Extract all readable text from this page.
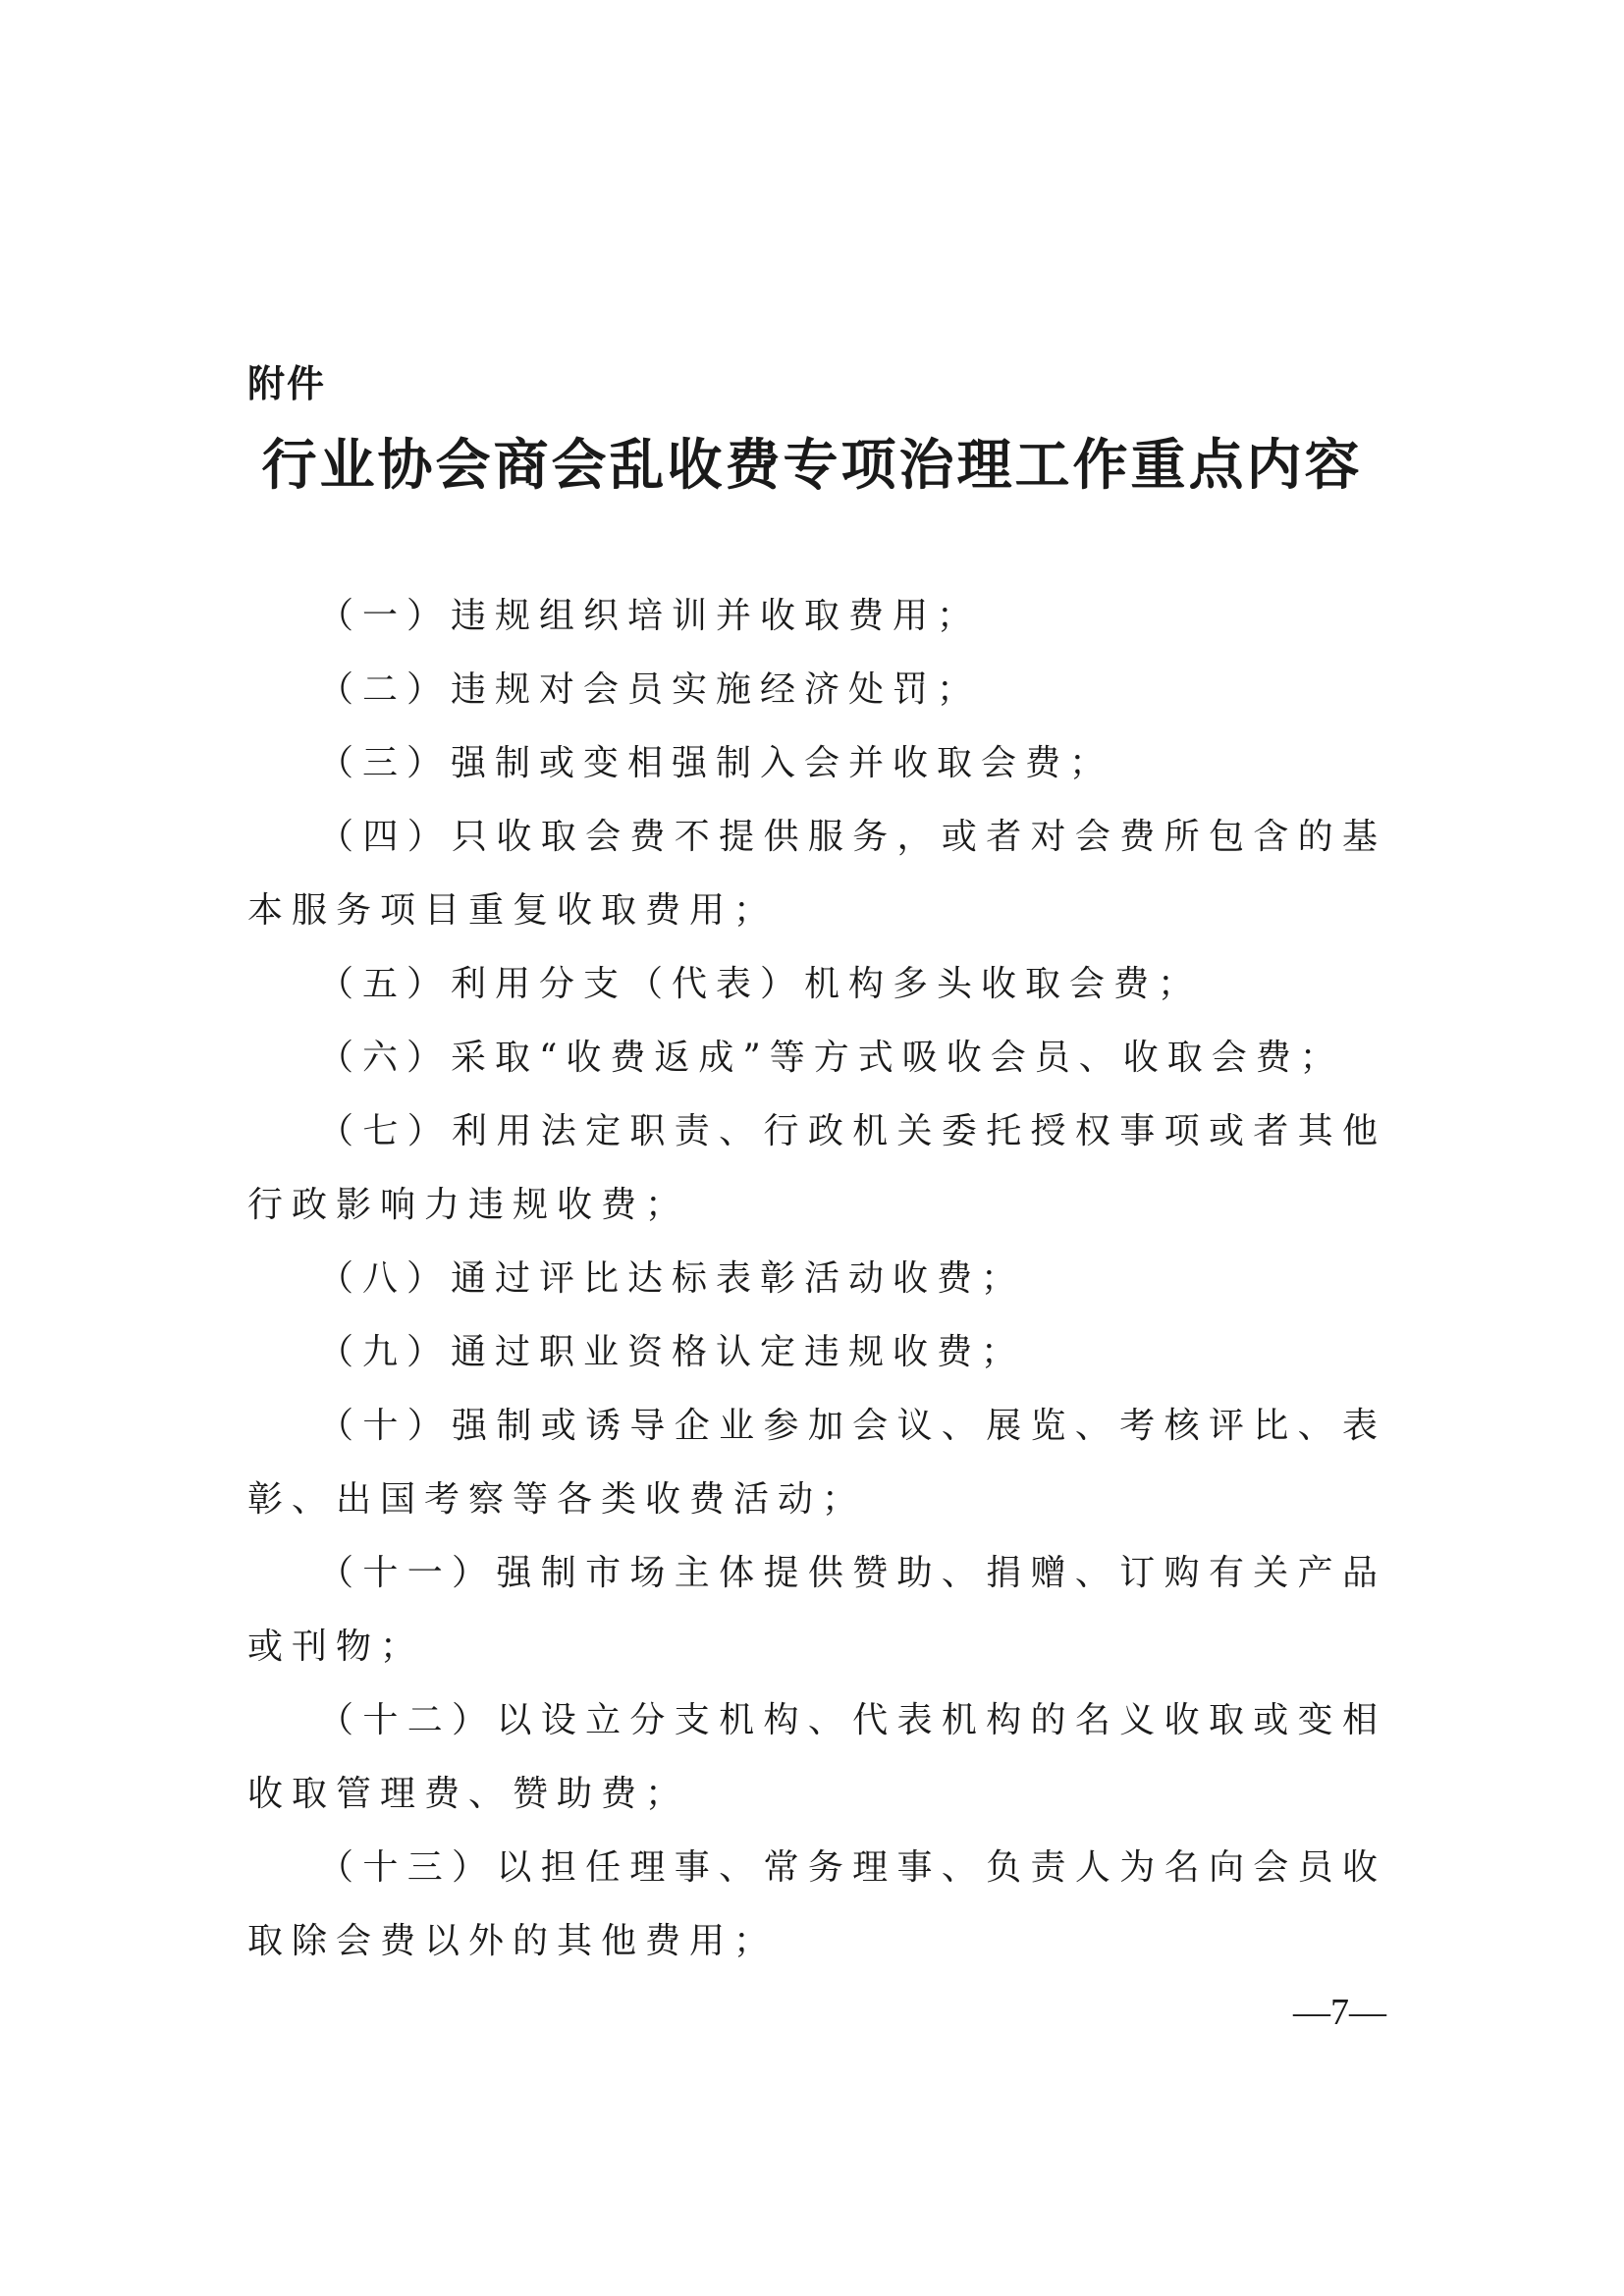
附件
行业协会商会乱收费专项治理工作重点内容

（一）违规组织培训并收取费用；

（二）违规对会员实施经济处罚；

（三）强制或变相强制入会并收取会费；

（四）只收取会费不提供服务，或者对会费所包含的基本服务项目重复收取费用；

（五）利用分支（代表）机构多头收取会费；

（六）采取“收费返成”等方式吸收会员、收取会费；

（七）利用法定职责、行政机关委托授权事项或者其他行政影响力违规收费；

（八）通过评比达标表彰活动收费；

（九）通过职业资格认定违规收费；

（十）强制或诱导企业参加会议、展览、考核评比、表彰、出国考察等各类收费活动；

（十一）强制市场主体提供赞助、捐赠、订购有关产品或刊物；

（十二）以设立分支机构、代表机构的名义收取或变相收取管理费、赞助费；

（十三）以担任理事、常务理事、负责人为名向会员收取除会费以外的其他费用；

—7—
